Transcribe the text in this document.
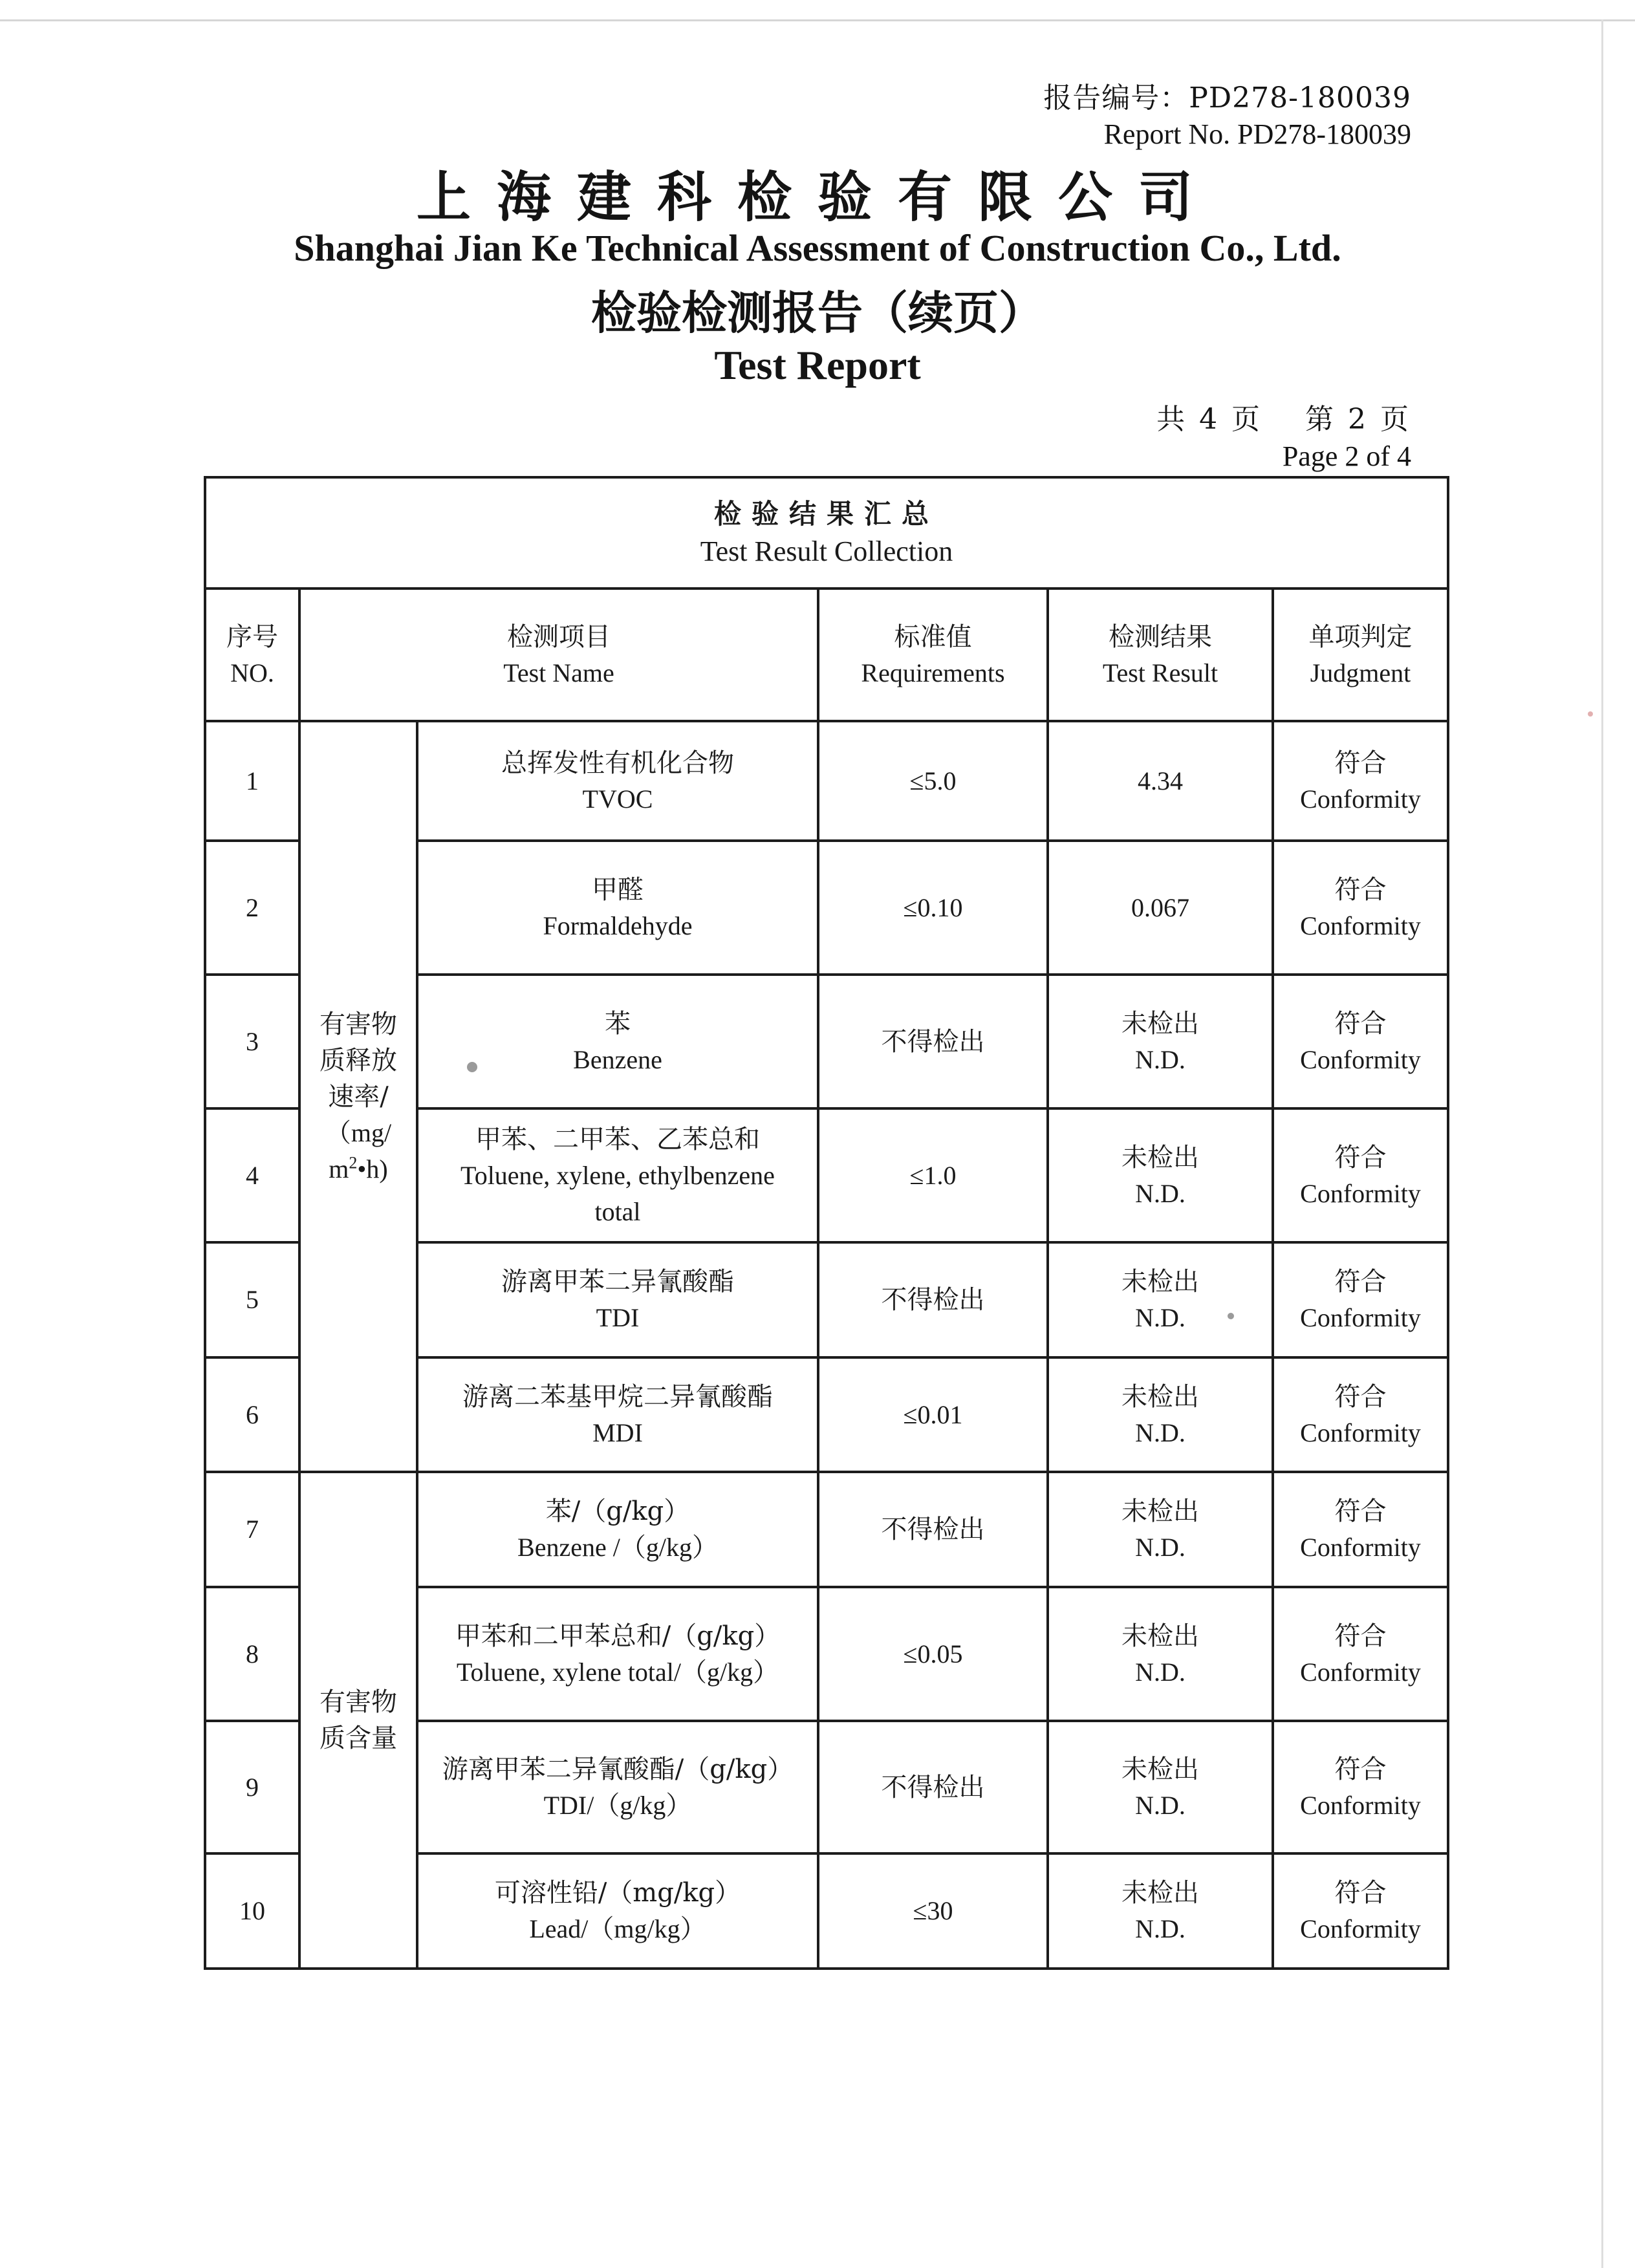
报告编号：PD278-180039
Report No. PD278-180039
上海建科检验有限公司
Shanghai Jian Ke Technical Assessment of Construction Co., Ltd.
检验检测报告（续页）
Test Report
共 4 页　 第 2 页
Page 2 of 4
检验结果汇总
Test Result Collection					

序号
NO.	检测项目
Test Name		标准值
Requirements	检测结果
Test Result	单项判定
Judgment

1	有害物
质释放
速率/
（mg/
$m^2•h$)	总挥发性有机化合物
TVOC	≤5.0	4.34	符合
Conformity

2		甲醛
Formaldehyde	≤0.10	0.067	符合
Conformity

3		苯
Benzene	不得检出	未检出
N.D.	符合
Conformity

4		甲苯、二甲苯、乙苯总和
Toluene, xylene, ethylbenzene
total	≤1.0	未检出
N.D.	符合
Conformity

5		游离甲苯二异氰酸酯
TDI	不得检出	未检出
N.D.	符合
Conformity

6		游离二苯基甲烷二异氰酸酯
MDI	≤0.01	未检出
N.D.	符合
Conformity

7	有害物
质含量	苯/（g/kg）
Benzene /（g/kg）	不得检出	未检出
N.D.	符合
Conformity

8		甲苯和二甲苯总和/（g/kg）
Toluene, xylene total/（g/kg）	≤0.05	未检出
N.D.	符合
Conformity

9		游离甲苯二异氰酸酯/（g/kg）
TDI/（g/kg）	不得检出	未检出
N.D.	符合
Conformity

10		可溶性铅/（mg/kg）
Lead/（mg/kg）	≤30	未检出
N.D.	符合
Conformity
